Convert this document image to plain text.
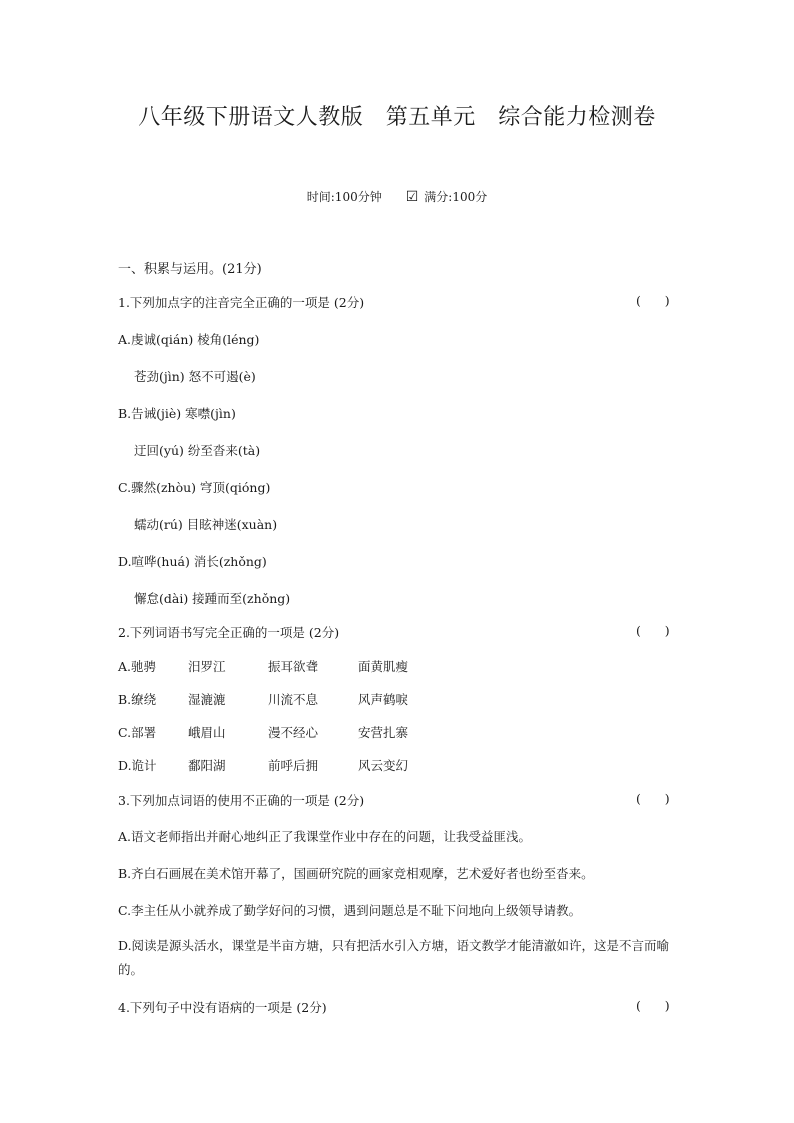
八年级下册语文人教版   第五单元   综合能力检测卷
时间:100分钟 ☑ 满分:100分
一、积累与运用。(21分)
1.下列加点字的注音完全正确的一项是 (2分)	(      )
A.虔诚(qián) 棱角(léng)
苍劲(jìn) 怒不可遏(è)
B.告诫(jiè) 寒噤(jìn)
迂回(yú) 纷至沓来(tà)
C.骤然(zhòu) 穹顶(qióng)
蠕动(rú) 目眩神迷(xuàn)
D.喧哗(huá) 消长(zhǒng)
懈怠(dài) 接踵而至(zhǒng)
2.下列词语书写完全正确的一项是 (2分)	(      )
A.驰骋	汨罗江	振耳欲聋	面黄肌瘦
B.缭绕	湿漉漉	川流不息	风声鹤唳
C.部署	峨眉山	漫不经心	安营扎寨
D.诡计	鄱阳湖	前呼后拥	风云变幻
3.下列加点词语的使用不正确的一项是 (2分)	(      )
A.语文老师指出并耐心地纠正了我课堂作业中存在的问题，让我受益匪浅。
B.齐白石画展在美术馆开幕了，国画研究院的画家竞相观摩，艺术爱好者也纷至沓来。
C.李主任从小就养成了勤学好问的习惯，遇到问题总是不耻下问地向上级领导请教。
D.阅读是源头活水，课堂是半亩方塘，只有把活水引入方塘，语文教学才能清澈如许，这是不言而喻的。
4.下列句子中没有语病的一项是 (2分)	(      )
